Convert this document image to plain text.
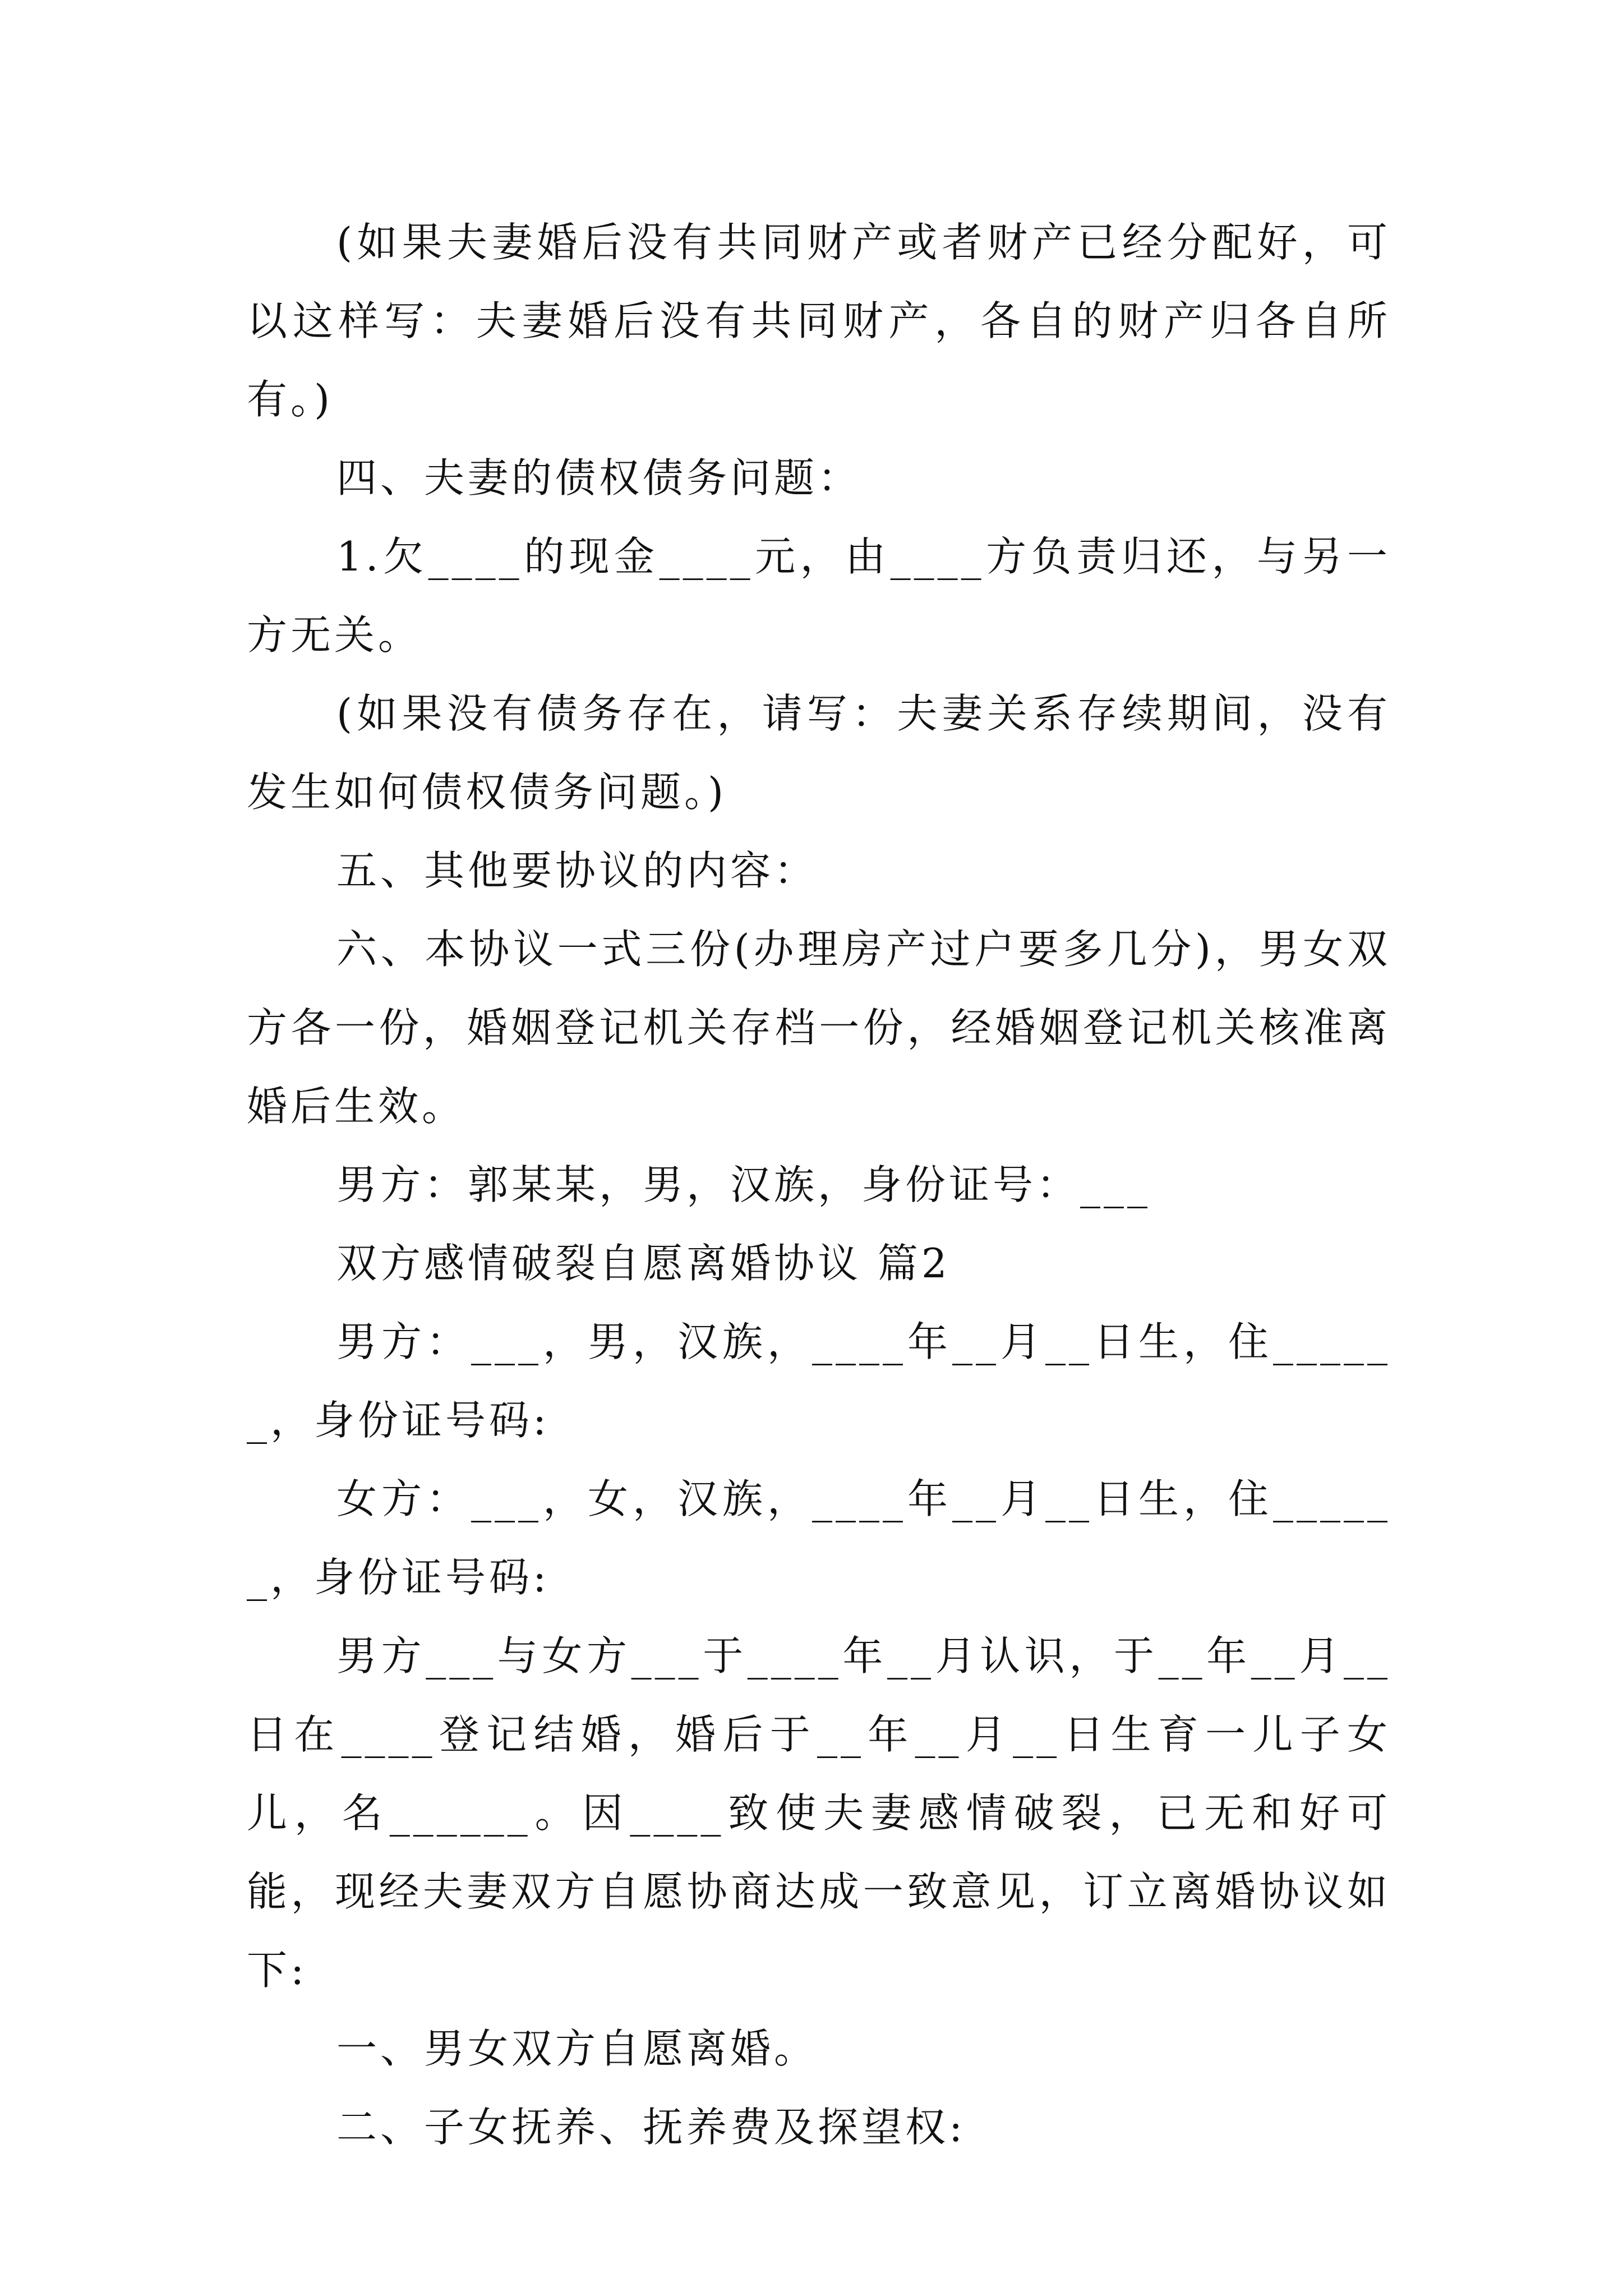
(如果夫妻婚后没有共同财产或者财产已经分配好，可以这样写：夫妻婚后没有共同财产，各自的财产归各自所有。)

四、夫妻的债权债务问题：

1.欠____的现金____元，由____方负责归还，与另一方无关。

(如果没有债务存在，请写：夫妻关系存续期间，没有发生如何债权债务问题。)

五、其他要协议的内容：

六、本协议一式三份(办理房产过户要多几分)，男女双方各一份，婚姻登记机关存档一份，经婚姻登记机关核准离婚后生效。

男方：郭某某，男，汉族，身份证号：___

双方感情破裂自愿离婚协议 篇2

男方：___，男，汉族，____年__月__日生，住______，身份证号码:

女方：___，女，汉族，____年__月__日生，住______，身份证号码:

男方___与女方___于____年__月认识，于__年__月__日在____登记结婚，婚后于__年__月__日生育一儿子女儿，名______。因____致使夫妻感情破裂，已无和好可能，现经夫妻双方自愿协商达成一致意见，订立离婚协议如下:

一、男女双方自愿离婚。

二、子女抚养、抚养费及探望权:
